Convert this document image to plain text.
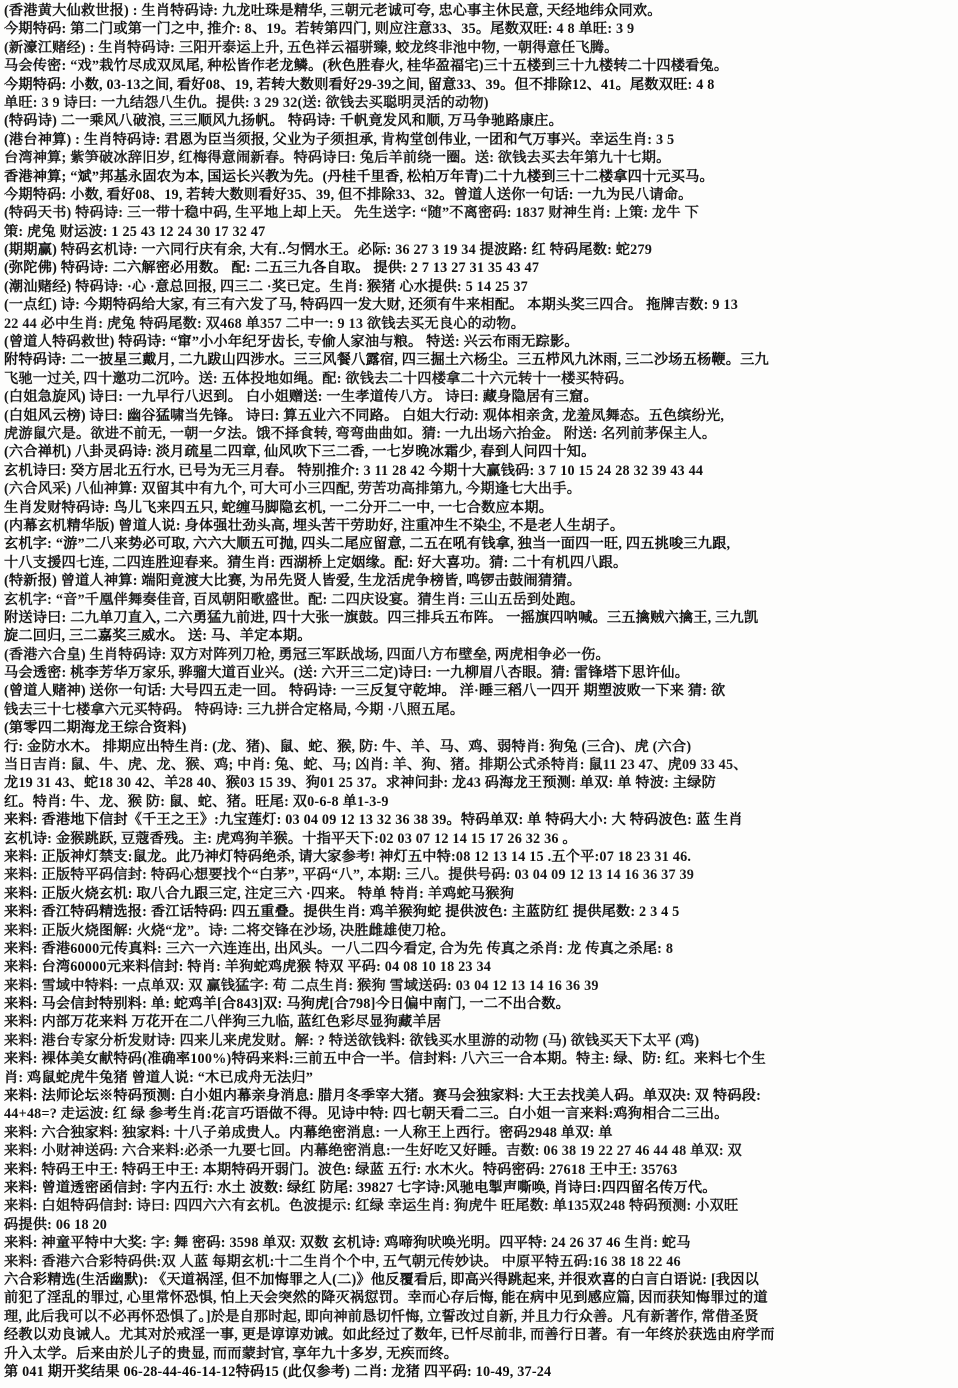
(香港黄大仙救世报) : 生肖特码诗: 九龙吐珠是精华, 三朝元老诚可夸, 忠心事主休民意, 天经地纬众同欢。
今期特码: 第二门或第一门之中, 推介: 8、19。若转第四门, 则应注意33、35。尾数双旺: 4 8 单旺: 3 9
(新濠江赌经) : 生肖特码诗: 三阳开泰运上升, 五色祥云福骈臻, 蛟龙终非池中物, 一朝得意任飞腾。
马会传密: “戏”栽竹尽成双凤尾, 种松皆作老龙鳞。(秋色胜春火, 桂华盈福宅)三十五楼到三十九楼转二十四楼看兔。
今期特码: 小数, 03-13之间, 看好08、19, 若转大数则看好29-39之间, 留意33、39。但不排除12、41。尾数双旺: 4 8
单旺: 3 9 诗曰: 一九结怨八生仇。提供: 3 29 32(送: 欲钱去买聪明灵活的动物)
(特码诗) 二一乘风八破浪, 三三顺风九扬帆。 特码诗: 千帆竟发风和顺, 万马争驰路康庄。
(港台神算) : 生肖特码诗: 君恩为臣当须报, 父业为子须担承, 肯构堂创伟业, 一团和气万事兴。幸运生肖: 3 5
台湾神算; 紫笋破冰辞旧岁, 红梅得意闹新春。特码诗曰: 兔后羊前绕一圈。送: 欲钱去买去年第九十七期。
香港神算; “斌”邦基永固农为本, 国运长兴教为先。(丹桂千里香, 松柏万年青)二十九楼到三十二楼拿四十元买马。
今期特码: 小数, 看好08、19, 若转大数则看好35、39, 但不排除33、32。曾道人送你一句话: 一九为民八请命。
(特码天书) 特码诗: 三一带十稳中码, 生平地上却上天。 先生送字: “随”不离密码: 1837 财神生肖: 上策: 龙牛 下
策: 虎兔 财运波: 1 25 43 12 24 30 17 32 47
(期期赢) 特码玄机诗: 一六同行庆有余, 大有..匀惘水王。必际: 36 27 3 19 34 提波路: 红 特码尾数: 蛇279
(弥陀佛) 特码诗: 二六解密必用数。 配: 二五三九各自取。 提供: 2 7 13 27 31 35 43 47
(潮汕赌经) 特码诗: ·心 ·意总回报, 四三二 ·奖已定。生肖: 猴猪 心水提供: 5 14 25 37
(一点红) 诗: 今期特码给大家, 有三有六发了马, 特码四一发大财, 还须有牛来相配。 本期头奖三四合。 拖牌吉数: 9 13
22 44 必中生肖: 虎兔 特码尾数: 双468 单357 二中一: 9 13 欲钱去买无良心的动物。
(曾道人特码救世) 特码诗: “窜”小小年纪牙齿长, 专偷人家油与粮。 特送: 兴云布雨无踪影。
附特码诗: 二一披星三戴月, 二九跋山四涉水。三三风餐八露宿, 四三掘土六杨尘。三五栉风九沐雨, 三二沙场五杨鞭。三九
飞驰一过关, 四十邀功二沉吟。送: 五体投地如绳。配: 欲钱去二十四楼拿二十六元转十一楼买特码。
(白姐急旋风) 诗曰: 一九早行八迟到。 白小姐赠送: 一生孝道传八方。 诗曰: 藏身隐居有三窟。
(白姐风云榜) 诗曰: 幽谷猛啸当先锋。 诗曰: 算五业六不同路。 白姐大行动: 观体相亲贪, 龙羞凤舞态。五色缤纷光,
虎游鼠穴是。欲进不前无, 一朝一夕法。饿不择食转, 弯弯曲曲如。猜: 一九出场六抬金。 附送: 名列前茅保主人。
(六合禅机) 八卦灵码诗: 淡月疏星二四章, 仙风吹下三二香, 一七岁晚冰霜少, 春到人问四十知。
玄机诗曰: 癸方居北五行水, 已号为无三月春。 特别推介: 3 11 28 42 今期十大赢钱码: 3 7 10 15 24 28 32 39 43 44
(六合风采) 八仙神算: 双留其中有九个, 可大可小三四配, 劳苦功高排第九, 今期逢七大出手。
生肖发财特码诗: 鸟儿飞来四五只, 蛇缠马脚隐玄机, 一二分开二一中, 一七合数应本期。
(内幕玄机精华版) 曾道人说: 身体强壮劲头高, 埋头苦干劳助好, 注重冲生不染尘, 不是老人生胡子。
玄机字: “游”二八来势必可取, 六六大顺五可抛, 四头二尾应留意, 二五在吼有钱拿, 独当一面四一旺, 四五挑唆三九跟,
十八支援四七连, 二四连胜迎春来。猜生肖: 西湖桥上定姻缘。配: 好大喜功。猜: 二十有机四八跟。
(特新报) 曾道人神算: 端阳竟渡大比赛, 为吊先贤人皆爱, 生龙活虎争榜皆, 鸣锣击鼓闹猜猜。
玄机字: “音”千凰伴舞奏佳音, 百凤朝阳歌盛世。配: 二四庆设宴。猜生肖: 三山五岳到处跑。
附送诗曰: 二九单刀直入, 二六勇猛九前进, 四十大张一旗鼓。四三排兵五布阵。 一摇旗四呐喊。三五擒贼六擒王, 三九凯
旋二回归, 三二嘉奖三威水。 送: 马、羊定本期。
(香港六合皇) 生肖特码诗: 双方对阵列刀枪, 勇冠三军跃战场, 四面八方布壁垒, 两虎相争必一伤。
马会透密: 桃李芳华万家乐, 骅骝大道百业兴。(送: 六开三二定)诗曰: 一九柳眉八杏眼。猜: 雷锋塔下思许仙。
(曾道人赌神) 送你一句话: 大号四五走一回。 特码诗: 一三反复守乾坤。 洋·睡三稻八一四开 期塑波败一下来 猜: 欲
钱去三十七楼拿六元买特码。 特码诗: 三九拼合定格局, 今期 ·八照五尾。
(第零四二期海龙王综合资料)
行: 金防水木。 排期应出特生肖: (龙、猪)、鼠、蛇、猴, 防: 牛、羊、马、鸡、弱特肖: 狗兔 (三合)、虎 (六合)
当日吉肖: 鼠、牛、虎、龙、猴、鸡; 中肖: 兔、蛇、马; 凶肖: 羊、狗、猪。排期公式杀特肖: 鼠11 23 47、虎09 33 45、
龙19 31 43、蛇18 30 42、羊28 40、猴03 15 39、狗01 25 37。求神问卦: 龙43 码海龙王预测: 单双: 单 特波: 主绿防
红。特肖: 牛、龙、猴 防: 鼠、蛇、猪。旺尾: 双0-6-8 单1-3-9
来料: 香港地下信封《千王之王》:九宝莲灯: 03 04 09 12 13 32 36 38 39。特码单双: 单 特码大小: 大 特码波色: 蓝 生肖
玄机诗: 金猴跳跃, 豆蔻香残。主: 虎鸡狗羊猴。十指平天下:02 03 07 12 14 15 17 26 32 36 。
来料: 正版神灯禁支:鼠龙。此乃神灯特码绝杀, 请大家参考! 神灯五中特:08 12 13 14 15 .五个平:07 18 23 31 46.
来料: 正版特平码信封: 特码心想要找个“白茅”, 平码“八”, 本期: 三八。提供号码: 03 04 09 12 13 14 16 36 37 39
来料: 正版火烧玄机: 取八合九跟三定, 注定三六 ·四来。 特单 特肖: 羊鸡蛇马猴狗
来料: 香江特码精选报: 香江话特码: 四五重叠。提供生肖: 鸡羊猴狗蛇 提供波色: 主蓝防红 提供尾数: 2 3 4 5
来料: 正版火烧图解: 火烧“龙”。诗: 二将交锋在沙场, 决胜雌雄使刀枪。
来料: 香港6000元传真料: 三六一六连连出, 出风头。一八二四今看定, 合为先 传真之杀肖: 龙 传真之杀尾: 8
来料: 台湾60000元来料信封: 特肖: 羊狗蛇鸡虎猴 特双 平码: 04 08 10 18 23 34
来料: 雪域中特料: 一点单双: 双 赢钱猛字: 苟 二点生肖: 猴狗 雪域送码: 03 04 12 13 14 16 36 39
来料: 马会信封特别料: 单: 蛇鸡羊[合843]双: 马狗虎[合798]今日偏中南门, 一二不出合数。
来料: 内部万花来料 万花开在二八伴狗三九临, 蓝红色彩尽显狗藏羊居
来料: 港台专家分析发财诗: 四来儿来虎发财。解: ? 特送欲钱料: 欲钱买水里游的动物 (马) 欲钱买天下太平 (鸡)
来料: 裸体美女献特码(准确率100%)特码来料:三前五中合一半。信封料: 八六三一合本期。特主: 绿、防: 红。来料七个生
肖: 鸡鼠蛇虎牛兔猪 曾道人说: “木已成舟无法归”
来料: 法师论坛※特码预测: 白小姐内幕亲身消息: 腊月冬季宰大猪。赛马会独家料: 大王去找美人码。单双决: 双 特码段:
44+48=? 走运波: 红 绿 参考生肖:花言巧语做不得。见诗中特: 四七朝天看二三。白小姐一言来料:鸡狗相合二三出。
来料: 六合独家料: 独家料: 十八子弟成贵人。内幕绝密消息: 一人称王上西行。密码2948 单双: 单
来料: 小财神送码: 六合来料:必杀一九要七回。内幕绝密消息:一生好吃又好睡。吉数: 06 38 19 22 27 46 44 48 单双: 双
来料: 特码王中王: 特码王中王: 本期特码开弱门。波色: 绿蓝 五行: 水木火。特码密码: 27618 王中王: 35763
来料: 曾道透密函信封: 字内五行: 水土 波数: 绿红 防尾: 39827 七字诗:风驰电掣声嘶唤, 肖诗曰:四四留名传万代。
来料: 白姐特码信封: 诗曰: 四四六六有玄机。色波提示: 红绿 幸运生肖: 狗虎牛 旺尾数: 单135双248 特码预测: 小双旺
码提供: 06 18 20
来料: 神童平特中大奖: 字: 舞 密码: 3598 单双: 双数 玄机诗: 鸡啼狗吠唤光明。四平特: 24 26 37 46 生肖: 蛇马
来料: 香港六合彩特码供:双 人蓝 每期玄机:十二生肖个个中, 五气朝元传妙诀。 中原平特五码:16 38 18 22 46
六合彩精选(生活幽默): 《天道祸淫, 但不加悔罪之人(二)》他反覆看后, 即高兴得跳起来, 并很欢喜的白言白语说: [我因以
前犯了淫乱的罪过, 心里常怀恐惧, 怕上天会突然的降灭祸愆罚。幸而心存后悔, 能在病中见到感应篇, 因而获知悔罪过的道
理, 此后我可以不必再怀恐惧了。]於是自那时起, 即向神前恳切忏悔, 立誓改过自新, 并且力行众善。凡有新著作, 常借圣贤
经教以劝良诫人。尤其对於戒淫一事, 更是谆谆劝诫。如此经过了数年, 已忏尽前非, 而善行日著。有一年终於获选由府学而
升入太学。后来由於儿子的贵显, 而而蒙封官, 享年九十多岁, 无疾而终。
第 041 期开奖结果 06-28-44-46-14-12特码15 (此仅参考) 二肖: 龙猪 四平码: 10-49, 37-24
